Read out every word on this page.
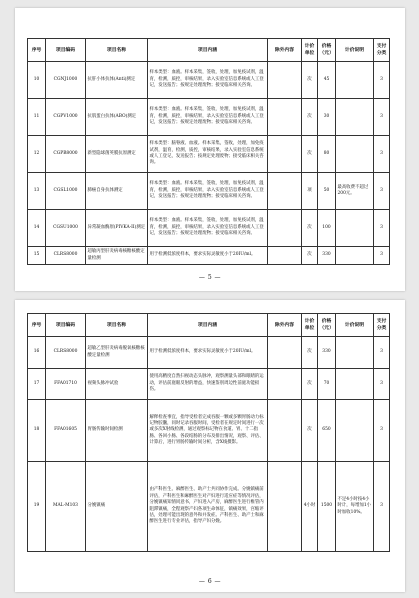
序号	项目编码	项目名称	项目内涵	除外内容	计价单位	价格（元）	计价说明	支付分类
10	CGNJ1000	抗肝小体抗体(Anti)测定	样本类型：血液。样本采集，签收，处理，加免疫试剂，温育，检测，质控，审核结果，录入实验室信息系统或人工登记，发送报告；按规定处理废物；接受临床相关咨询。		次	45		3
11	CGPV1000	抗肌蛋白抗体(ABO)测定	样本类型：血液。样本采集，签收，处理，加免疫试剂，温育，检测，质控，审核结果，录入实验室信息系统或人工登记，发送报告；按规定处理废物；接受临床相关咨询。		次	30		3
12	CGPB8000	新型隐球菌荚膜抗原测定	样本类型：脑脊液、血液。样本采集，签收，处理，加免疫试剂，温育，检测，质控，审核结果，录入实验室信息系统或人工登记，发送报告；按规定处理废物；接受临床相关咨询。		次	80		3
13	CGSL1000	肺癌自身抗体测定	样本类型：血液。样本采集，签收，处理，加免疫试剂，温育，检测，质控，审核结果，录入实验室信息系统或人工登记，发送报告；按规定处理废物；接受临床相关咨询。		项	50	最高收费不超过200元。	3
14	CGSU1000	异常凝血酶原(PIVKA-II)测定	样本类型：血液。样本采集，签收，处理，加免疫试剂，温育，检测，质控，审核结果，录入实验室信息系统或人工登记，发送报告；按规定处理废物；接受临床相关咨询。		次	100		3
15	CLRS8000	超敏丙型肝炎病毒核糖核酸定量检测	用于检测低浓度样本，要求实际灵敏度小于20IU/ml。		次	330		3
— 5 —
序号	项目编码	项目名称	项目内涵	除外内容	计价单位	价格（元）	计价说明	支付分类
16	CLRS8000	超敏乙型肝炎病毒脱氧核糖核酸定量检测	用于检测低浓度样本，要求实际灵敏度小于20IU/ml。		次	330		3
17	FFA01710	视频头脉冲试验	使用高精度自然扫视动态头脉冲，观察测量头部和眼睛的运动，评估前庭眼反射的增益，快速鉴别周边性前庭功能损伤。		次	70		3
18	FFA01605	胃肠传输时间检测	解释检查事宜，指导受检者完成吞服一颗或多颗胃肠动力标记物胶囊，同时记录吞服时间，受检者在规定时间进行一次或多次X射线检测，通过观察标记物在食道、胃、十二指肠、各回小肠、各段结肠的分布及排出情况，观察、评估、计算后，进行胃肠传输时间分析，含X线摄影。		次	650		3
19	MAL-M103	分娩镇痛	由产科医生、麻醉医生、助产士共同协作完成。分娩镇痛前评估，产科医生和麻醉医生对产妇进行适应症等情况评估，分娩镇痛知情同意书，产妇进入产房，麻醉医生进行椎管内阻滞镇痛，全程观察产妇各项生命体征，镇痛效果，宫缩评估，处理可能出现的意外和并发症。产科医生、助产士和麻醉医生进行专业评估，指导产妇分娩。		4小时	1500	不足4小时按4小时计，每增加1小时加收10%。	3
— 6 —
